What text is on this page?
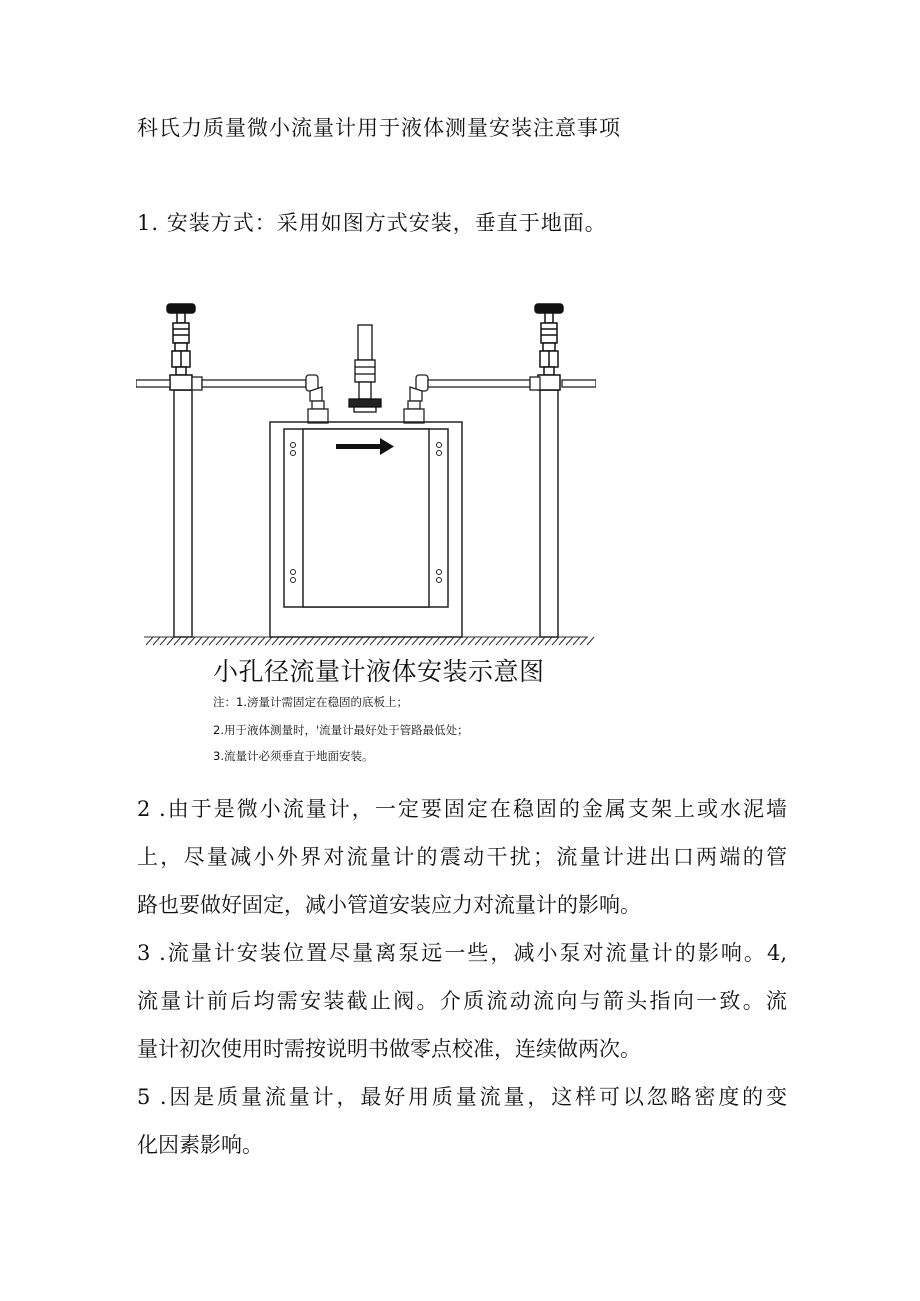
科氏力质量微小流量计用于液体测量安装注意事项
1. 安装方式：采用如图方式安装，垂直于地面。
小孔径流量计液体安装示意图
注：1.滂量计需固定在稳固的底板上；
2.用于液体测量时，'流量计最好处于管路最低处；
3.流量计必须垂直于地面安装。
2 .由于是微小流量计，一定要固定在稳固的金属支架上或水泥墙
上，尽量减小外界对流量计的震动干扰；流量计进出口两端的管
路也要做好固定，减小管道安装应力对流量计的影响。
3 .流量计安装位置尽量离泵远一些，减小泵对流量计的影响。4,
流量计前后均需安装截止阀。介质流动流向与箭头指向一致。流
量计初次使用时需按说明书做零点校准，连续做两次。
5 .因是质量流量计，最好用质量流量，这样可以忽略密度的变
化因素影响。
